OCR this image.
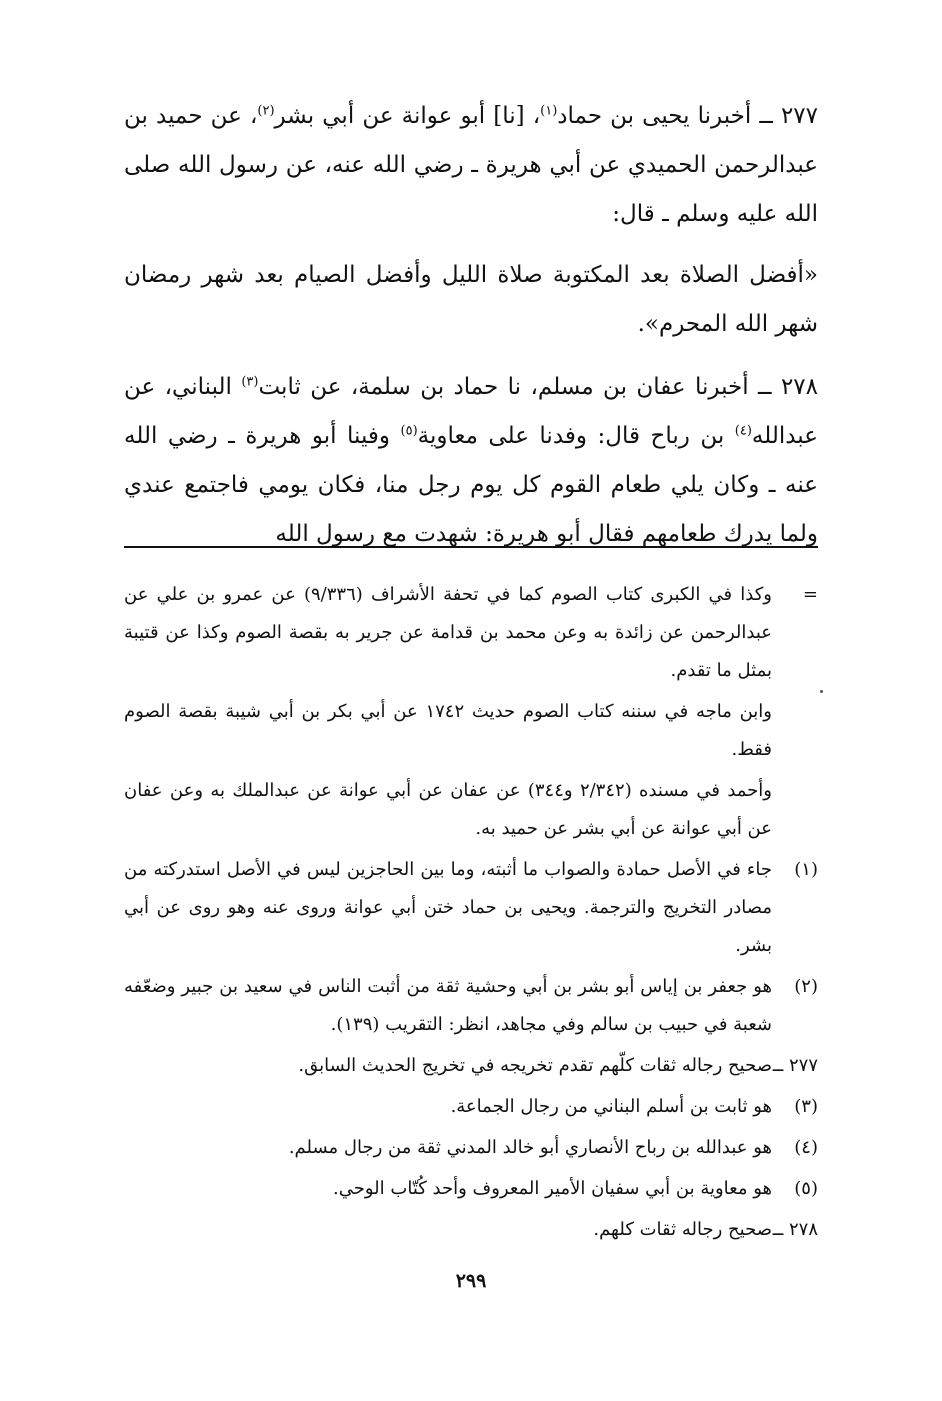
٢٧٧ ــ أخبرنا يحيى بن حماد$^{(١)}$، [نا] أبو عوانة عن أبي بشر$^{(٢)}$، عن حميد بن عبدالرحمن الحميدي عن أبي هريرة ـ رضي الله عنه، عن رسول الله صلى الله عليه وسلم ـ قال:

«أفضل الصلاة بعد المكتوبة صلاة الليل وأفضل الصيام بعد شهر رمضان شهر الله المحرم».

٢٧٨ ــ أخبرنا عفان بن مسلم، نا حماد بن سلمة، عن ثابت$^{(٣)}$ البناني، عن عبدالله$^{(٤)}$ بن رباح قال: وفدنا على معاوية$^{(٥)}$ وفينا أبو هريرة ـ رضي الله عنه ـ وكان يلي طعام القوم كل يوم رجل منا، فكان يومي فاجتمع عندي ولما يدرك طعامهم فقال أبو هريرة: شهدت مع رسول الله

=
وكذا في الكبرى كتاب الصوم كما في تحفة الأشراف (٩/٣٣٦) عن عمرو بن علي عن عبدالرحمن عن زائدة به وعن محمد بن قدامة عن جرير به بقصة الصوم وكذا عن قتيبة بمثل ما تقدم.
وابن ماجه في سننه كتاب الصوم حديث ١٧٤٢ عن أبي بكر بن أبي شيبة بقصة الصوم فقط.
وأحمد في مسنده (٢/٣٤٢ و٣٤٤) عن عفان عن أبي عوانة عن عبدالملك به وعن عفان عن أبي عوانة عن أبي بشر عن حميد به.
(١)
جاء في الأصل حمادة والصواب ما أثبته، وما بين الحاجزين ليس في الأصل استدركته من مصادر التخريج والترجمة. ويحيى بن حماد ختن أبي عوانة وروى عنه وهو روى عن أبي بشر.
(٢)
هو جعفر بن إياس أبو بشر بن أبي وحشية ثقة من أثبت الناس في سعيد بن جبير وضعّفه شعبة في حبيب بن سالم وفي مجاهد، انظر: التقريب (١٣٩).
٢٧٧ ــ
صحيح رجاله ثقات كلّهم تقدم تخريجه في تخريج الحديث السابق.
(٣)
هو ثابت بن أسلم البناني من رجال الجماعة.
(٤)
هو عبدالله بن رباح الأنصاري أبو خالد المدني ثقة من رجال مسلم.
(٥)
هو معاوية بن أبي سفيان الأمير المعروف وأحد كُتّاب الوحي.
٢٧٨ ــ
صحيح رجاله ثقات كلهم.
٢٩٩
